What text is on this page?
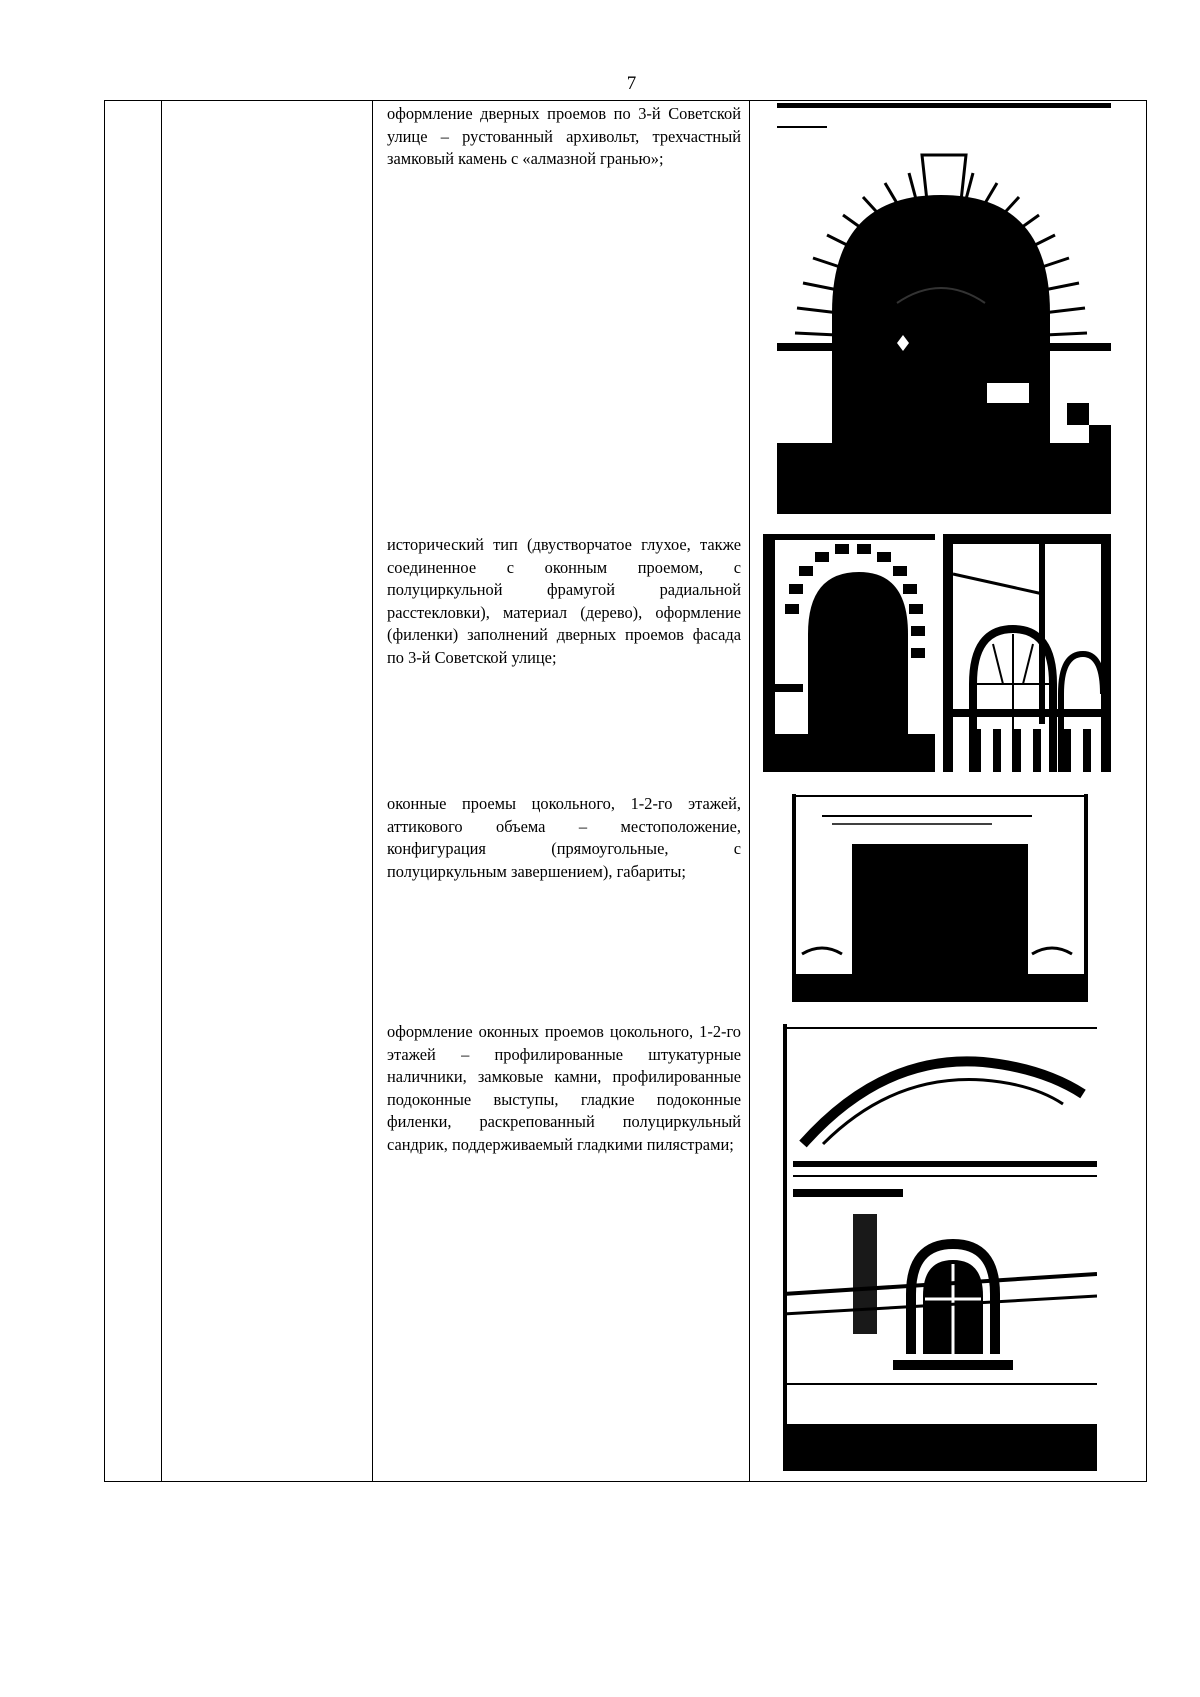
7

оформление дверных проемов по 3-й Советской улице – рустованный архивольт, трехчастный замковый камень с «алмазной гранью»;
исторический тип (двустворчатое глухое, также соединенное с оконным проемом, с полуциркульной фрамугой радиальной расстекловки), материал (дерево), оформление (филенки) заполнений дверных проемов фасада по 3-й Советской улице;
оконные проемы цокольного, 1-2-го этажей, аттикового объема – местоположение, конфигурация (прямоугольные, с полуциркульным завершением), габариты;
оформление оконных проемов цокольного, 1-2-го этажей – профилированные штукатурные наличники, замковые камни, профилированные подоконные выступы, гладкие подоконные филенки, раскрепованный полуциркульный сандрик, поддерживаемый гладкими пилястрами;
